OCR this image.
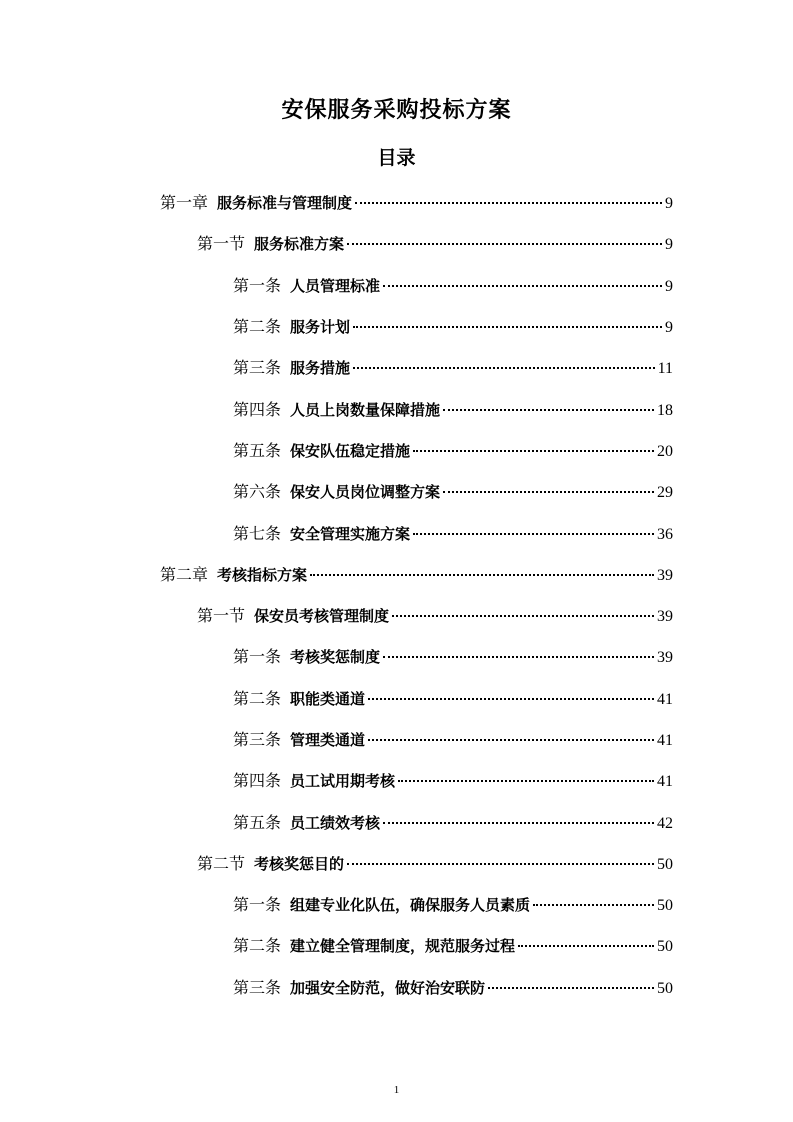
安保服务采购投标方案
目录
第一章 服务标准与管理制度	9
第一节 服务标准方案	9
第一条 人员管理标准	9
第二条 服务计划	9
第三条 服务措施	11
第四条 人员上岗数量保障措施	18
第五条 保安队伍稳定措施	20
第六条 保安人员岗位调整方案	29
第七条 安全管理实施方案	36
第二章 考核指标方案	39
第一节 保安员考核管理制度	39
第一条 考核奖惩制度	39
第二条 职能类通道	41
第三条 管理类通道	41
第四条 员工试用期考核	41
第五条 员工绩效考核	42
第二节 考核奖惩目的	50
第一条 组建专业化队伍，确保服务人员素质	50
第二条 建立健全管理制度，规范服务过程	50
第三条 加强安全防范，做好治安联防	50
1
